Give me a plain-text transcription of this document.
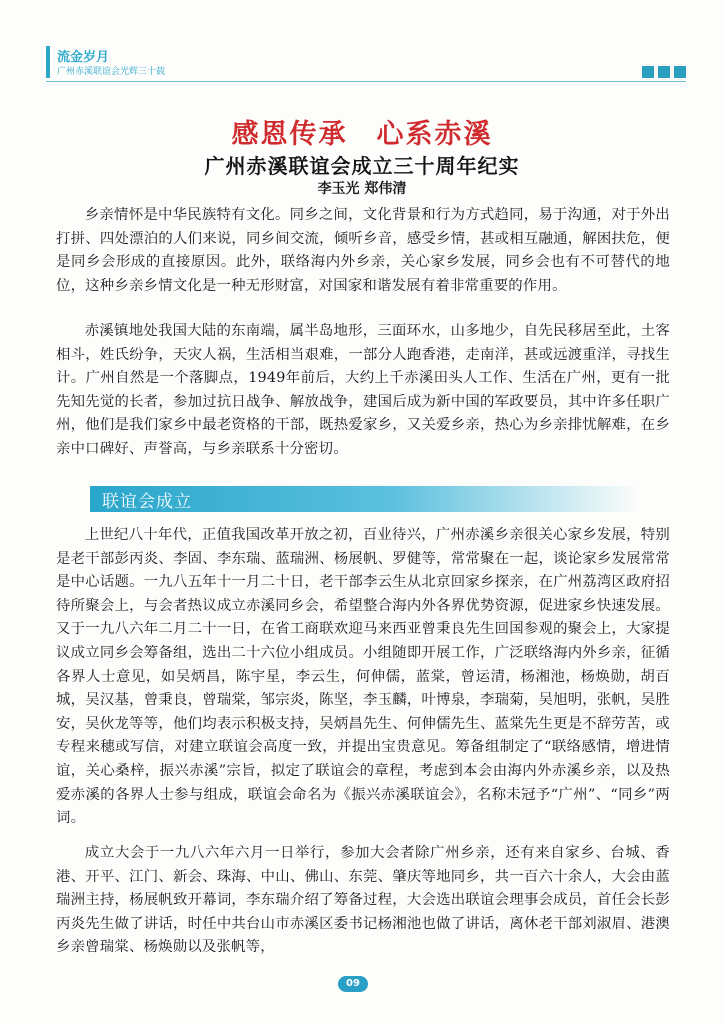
流金岁月
广州赤溪联谊会光辉三十载
感恩传承　心系赤溪
广州赤溪联谊会成立三十周年纪实
李玉光 郑伟清

乡亲情怀是中华民族特有文化。同乡之间，文化背景和行为方式趋同，易于沟通，对于外出打拼、四处漂泊的人们来说，同乡间交流，倾听乡音，感受乡情，甚或相互融通，解困扶危，便是同乡会形成的直接原因。此外，联络海内外乡亲，关心家乡发展，同乡会也有不可替代的地位，这种乡亲乡情文化是一种无形财富，对国家和谐发展有着非常重要的作用。

赤溪镇地处我国大陆的东南端，属半岛地形，三面环水，山多地少，自先民移居至此，土客相斗，姓氏纷争，天灾人祸，生活相当艰难，一部分人跑香港，走南洋，甚或远渡重洋，寻找生计。广州自然是一个落脚点，1949年前后，大约上千赤溪田头人工作、生活在广州，更有一批先知先觉的长者，参加过抗日战争、解放战争，建国后成为新中国的军政要员，其中许多任职广州，他们是我们家乡中最老资格的干部，既热爱家乡，又关爱乡亲，热心为乡亲排忧解难，在乡亲中口碑好、声誉高，与乡亲联系十分密切。

联谊会成立

上世纪八十年代，正值我国改革开放之初，百业待兴，广州赤溪乡亲很关心家乡发展，特别是老干部彭丙炎、李固、李东瑞、蓝瑞洲、杨展帆、罗健等，常常聚在一起，谈论家乡发展常常是中心话题。一九八五年十一月二十日，老干部李云生从北京回家乡探亲，在广州荔湾区政府招待所聚会上，与会者热议成立赤溪同乡会，希望整合海内外各界优势资源，促进家乡快速发展。又于一九八六年二月二十一日，在省工商联欢迎马来西亚曾秉良先生回国参观的聚会上，大家提议成立同乡会筹备组，选出二十六位小组成员。小组随即开展工作，广泛联络海内外乡亲，征循各界人士意见，如吴炳昌，陈宇星，李云生，何伸儒，蓝棠，曾运清，杨湘池，杨焕勋，胡百城，吴汉基，曾秉良，曾瑞棠，邹宗炎，陈坚，李玉麟，叶博泉，李瑞菊，吴旭明，张帆，吴胜安，吴伙龙等等，他们均表示积极支持，吴炳昌先生、何伸儒先生、蓝棠先生更是不辞劳苦，或专程来穗或写信，对建立联谊会高度一致，并提出宝贵意见。筹备组制定了“联络感情，增进情谊，关心桑梓，振兴赤溪”宗旨，拟定了联谊会的章程，考虑到本会由海内外赤溪乡亲，以及热爱赤溪的各界人士参与组成，联谊会命名为《振兴赤溪联谊会》，名称未冠予“广州”、“同乡”两词。

成立大会于一九八六年六月一日举行，参加大会者除广州乡亲，还有来自家乡、台城、香港、开平、江门、新会、珠海、中山、佛山、东莞、肇庆等地同乡，共一百六十余人，大会由蓝瑞洲主持，杨展帆致开幕词，李东瑞介绍了筹备过程，大会选出联谊会理事会成员，首任会长彭丙炎先生做了讲话，时任中共台山市赤溪区委书记杨湘池也做了讲话，离休老干部刘淑眉、港澳乡亲曾瑞棠、杨焕勋以及张帆等，

09
